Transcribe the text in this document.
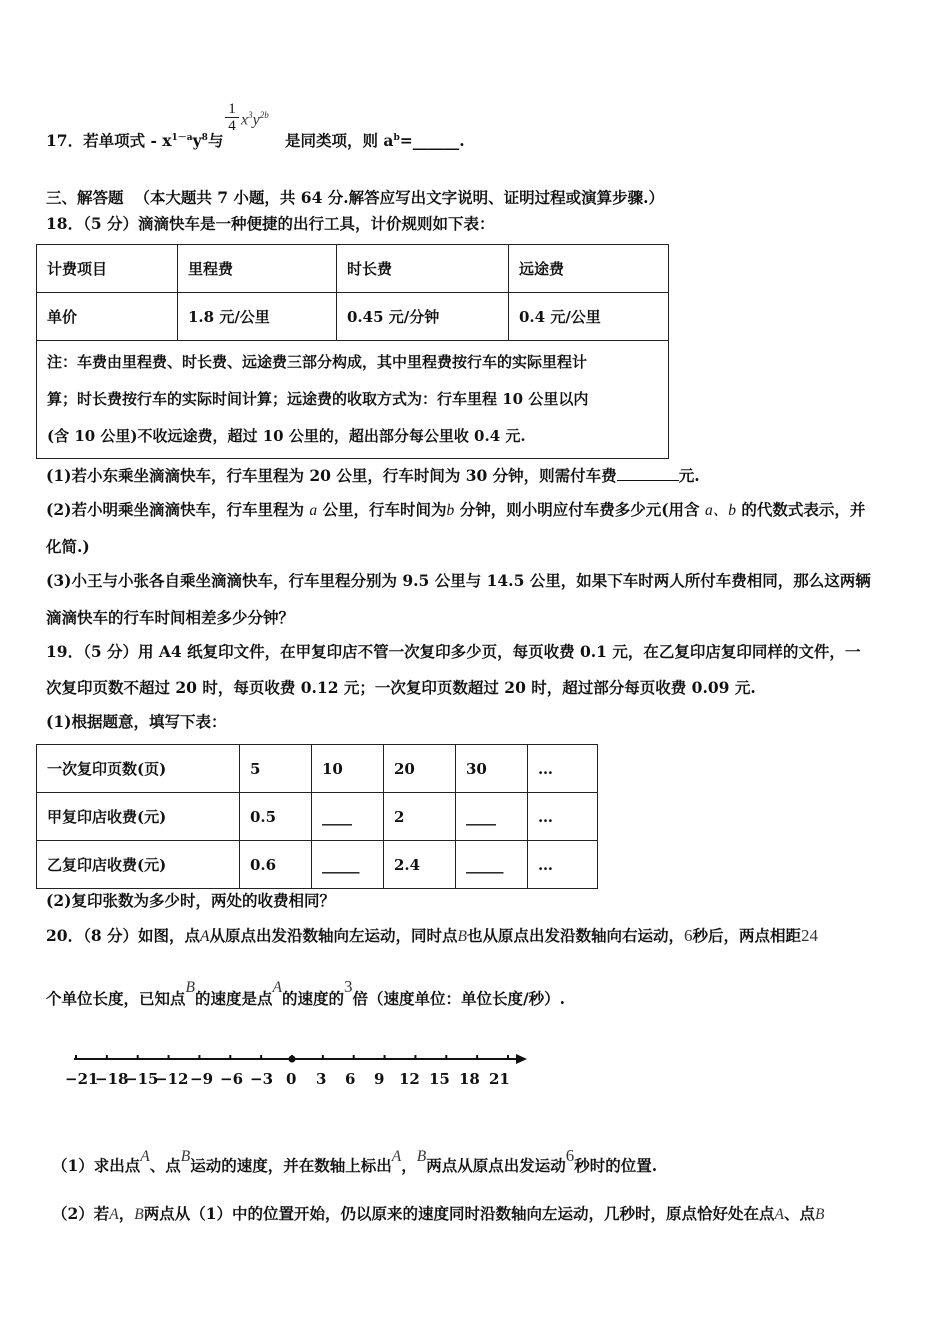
1
4 $x^3y^{2b}$
17．若单项式 - $x^{1-a}y^8$与	是同类项，则 $a^b=\_\_\_\_\_\_$.
三、解答题 （本大题共 7 小题，共 64 分.解答应写出文字说明、证明过程或演算步骤.）
18．（5 分）滴滴快车是一种便捷的出行工具，计价规则如下表：
计费项目	里程费	时长费	远途费
单价	1.8 元/公里	0.45 元/分钟	0.4 元/公里

注：车费由里程费、时长费、远途费三部分构成，其中里程费按行车的实际里程计
算；时长费按行车的实际时间计算；远途费的收取方式为：行车里程 10 公里以内
(含 10 公里)不收远途费，超过 10 公里的，超出部分每公里收 0.4 元.			
(1)若小东乘坐滴滴快车，行车里程为 20 公里，行车时间为 30 分钟，则需付车费	元.
(2)若小明乘坐滴滴快车，行车里程为 a 公里，行车时间为b 分钟，则小明应付车费多少元(用含 a、b 的代数式表示，并
化简.)
(3)小王与小张各自乘坐滴滴快车，行车里程分别为 9.5 公里与 14.5 公里，如果下车时两人所付车费相同，那么这两辆
滴滴快车的行车时间相差多少分钟？
19．（5 分）用 A4 纸复印文件，在甲复印店不管一次复印多少页，每页收费 0.1 元，在乙复印店复印同样的文件，一
次复印页数不超过 20 时，每页收费 0.12 元；一次复印页数超过 20 时，超过部分每页收费 0.09 元.
(1)根据题意，填写下表：
一次复印页数(页)	5	10	20	30	…
甲复印店收费(元)	0.5	____	2	____	…
乙复印店收费(元)	0.6	_____	2.4	_____	…
(2)复印张数为多少时，两处的收费相同？
20．（8 分）如图，点A从原点出发沿数轴向左运动，同时点B也从原点出发沿数轴向右运动，6秒后，两点相距24
个单位长度，已知点B的速度是点A的速度的3倍（速度单位：单位长度/秒）.
−21
−18
−15
−12 −9 −6 −3 0 3 6 9 12 15 18 21
（1）求出点A、点B运动的速度，并在数轴上标出A，B两点从原点出发运动6秒时的位置.
（2）若A，B两点从（1）中的位置开始，仍以原来的速度同时沿数轴向左运动，几秒时，原点恰好处在点A、点B
